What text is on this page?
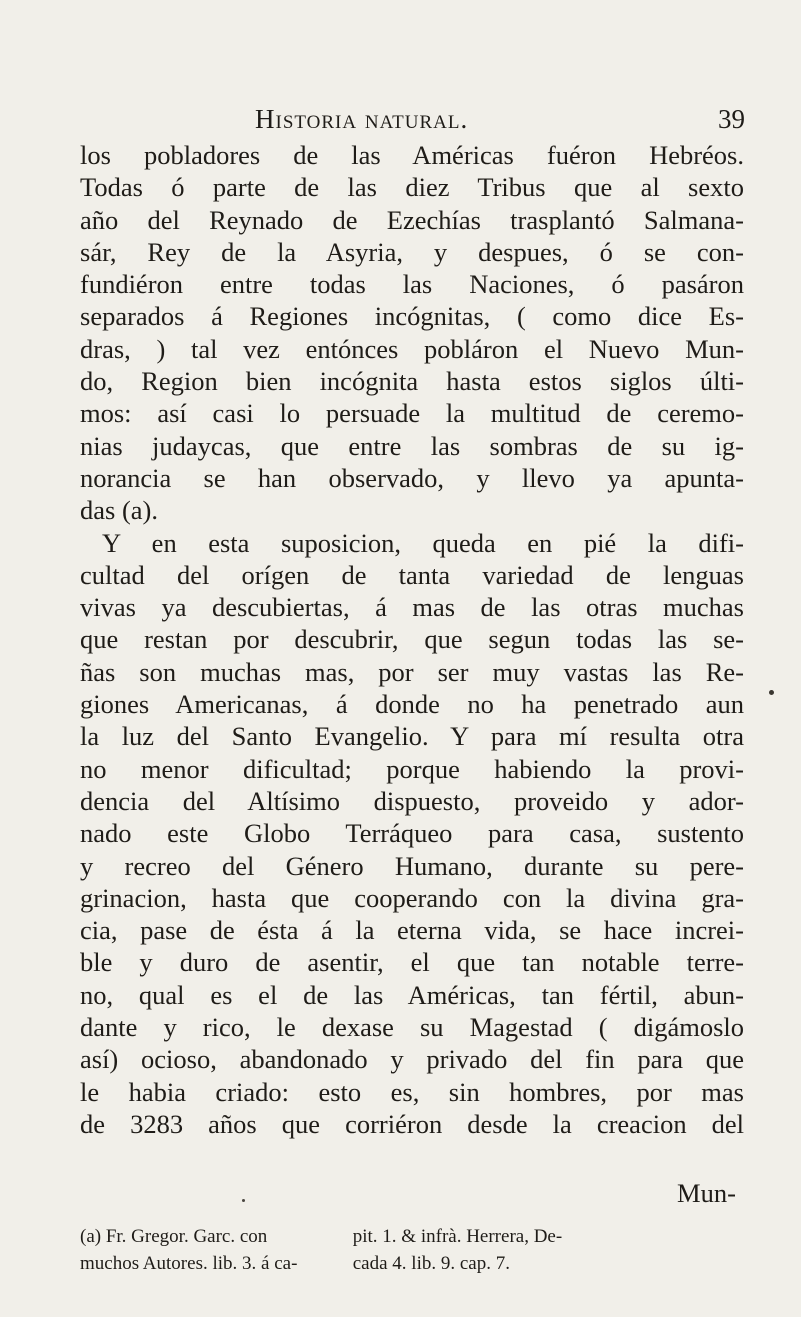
Historia natural.	39
los pobladores de las Américas fuéron Hebréos.
Todas ó parte de las diez Tribus que al sexto
año del Reynado de Ezechías trasplantó Salmana-
sár, Rey de la Asyria, y despues, ó se con-
fundiéron entre todas las Naciones, ó pasáron
separados á Regiones incógnitas, ( como dice Es-
dras, ) tal vez entónces pobláron el Nuevo Mun-
do, Region bien incógnita hasta estos siglos últi-
mos: así casi lo persuade la multitud de ceremo-
nias judaycas, que entre las sombras de su ig-
norancia se han observado, y llevo ya apunta-
das (a).
Y en esta suposicion, queda en pié la difi-
cultad del orígen de tanta variedad de lenguas
vivas ya descubiertas, á mas de las otras muchas
que restan por descubrir, que segun todas las se-
ñas son muchas mas, por ser muy vastas las Re-
giones Americanas, á donde no ha penetrado aun
la luz del Santo Evangelio. Y para mí resulta otra
no menor dificultad; porque habiendo la provi-
dencia del Altísimo dispuesto, proveido y ador-
nado este Globo Terráqueo para casa, sustento
y recreo del Género Humano, durante su pere-
grinacion, hasta que cooperando con la divina gra-
cia, pase de ésta á la eterna vida, se hace increi-
ble y duro de asentir, el que tan notable terre-
no, qual es el de las Américas, tan fértil, abun-
dante y rico, le dexase su Magestad ( digámoslo
así) ocioso, abandonado y privado del fin para que
le habia criado: esto es, sin hombres, por mas
de 3283 años que corriéron desde la creacion del
Mun-
(a) Fr. Gregor. Garc. con	pit. 1. & infrà. Herrera, De-
muchos Autores. lib. 3. á ca-	cada 4. lib. 9. cap. 7.
